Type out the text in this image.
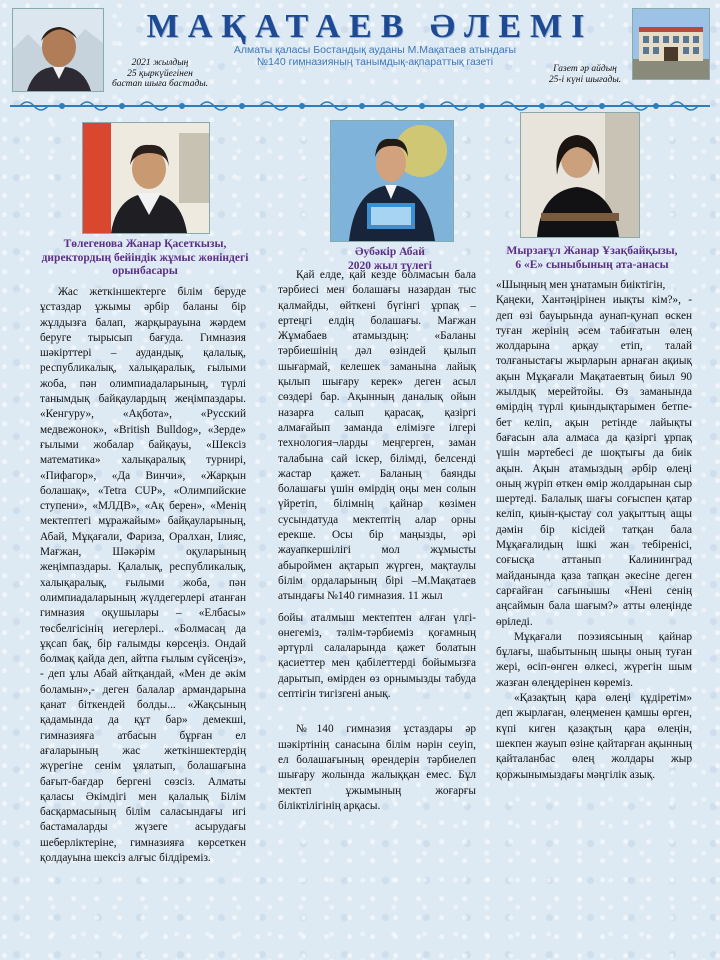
2021 жылдың
25 қыркүйегінен
бастап шыға бастады.
МАҚАТАЕВ ӘЛЕМІ
Алматы қаласы Бостандық ауданы М.Мақатаев атындағы
№140 гимназияның танымдық-ақпараттық газеті
Газет әр айдың
25-і күні шығады.
Төлегенова Жанар Қасеткызы,
директордың бейіндік жұмыс жөніндегі
орынбасары
Әубәкір Абай
2020 жыл түлегі
Мырзағұл Жанар Ұзақбайқызы,
6 «Е» сыныбының ата-анасы

Жас жеткіншектерге білім беруде ұстаздар ұжымы әрбір баланы бір жұлдызға балап, жарқырауына жәрдем беруге тырысып бағуда. Гимназия шәкірттері – аудандық, қалалық, республикалық, халықаралық, ғылыми жоба, пән олимпиадаларының, түрлі танымдық байқаулардың жеңімпаздары. «Кенгуру», «Ақбота», «Русский медвежонок», «British Bulldog», «Зерде» ғылыми жобалар байқауы, «Шексіз математика» халықаралық турнирі, «Пифагор», «Да Винчи», «Жарқын болашақ», «Tetra CUP», «Олимпийские ступени», «МЛДВ», «Ақ берен», «Менің мектептегі мұражайым» байқауларының, Абай, Мұқағали, Фариза, Оралхан, Ілияс, Мағжан, Шәкәрім оқуларының жеңімпаздары. Қалалық, республикалық, халықаралық, ғылыми жоба, пән олимпиадаларының жүлдегерлері атанған гимназия оқушылары – «Елбасы» төсбелгісінің иегерлері.. «Болмасаң да ұқсап бақ, бір ғалымды көрсеңіз. Ондай болмақ қайда деп, айтпа ғылым сүйсеңіз», - деп ұлы Абай айтқандай, «Мен де әкім боламын»,- деген балалар армандарына қанат біткендей болды... «Жақсының қадамында да құт бар» демекші, гимназияға атбасын бұрған ел ағаларының жас жеткіншектердің жүрегіне сенім ұялатып, болашағына бағыт-бағдар бергені сөзсіз. Алматы қаласы Әкімдігі мен қалалық Білім басқармасының білім саласындағы игі бастамаларды жүзеге асырудағы шеберліктеріне, гимназияға көрсеткен қолдауына шексіз алғыс білдіреміз.

Қай елде, қай кезде болмасын бала тәрбиесі мен болашағы назардан тыс қалмайды, өйткені бүгінгі ұрпақ – ертеңгі елдің болашағы. Мағжан Жұмабаев атамыздың: «Баланы тәрбиешінің дәл өзіндей қылып шығармай, келешек заманына лайық қылып шығару керек» деген асыл сөздері бар. Ақынның даналық ойын назарға салып қарасақ, қазіргі алмағайып заманда еліміэге ілгері технология¬ларды меңгерген, заман талабына сай іскер, білімді, белсенді жастар қажет. Баланың баянды болашағы үшін өмірдің оңы мен солын үйретіп, білімнің қайнар көзімен сусындатуда мектептің алар орны ерекше. Осы бір маңызды, әрі жауапкершілігі мол жұмысты абыроймен ақтарып жүрген, мақтаулы білім ордаларының бірі –М.Мақатаев атындағы №140 гимназия. 11 жыл

бойы аталмыш мектептен алған үлгі-өнегеміз, тәлім-тәрбиеміз қоғамның әртүрлі салаларында қажет болатын қасиеттер мен қабілеттерді бойымызға дарытып, өмірден өз орнымызды табуда септігін тигізгені анық.

№140 гимназия ұстаздары әр шәкіртінің санасына білім нәрін сеуіп, ел болашағының өрендерін тәрбиелеп шығару жолында жалыққан емес. Бұл мектеп ұжымының жоғарғы біліктілігінің арқасы.

«Шыңның мен ұнатамын биіктігін,
Қаңеки, Хантәңірінен иықты кім?», - деп өзі бауырында аунап-қунап өскен туған жерінің әсем табиғатын өлең жолдарына арқау етіп, талай толғаныстағы жырларын арнаған ақиық ақын Мұқағали Мақатаевтың биыл 90 жылдық мерейтойы. Өз заманында өмірдің түрлі қиындықтарымен бетпе-бет келіп, ақын ретінде лайықты бағасын ала алмаса да қазіргі ұрпақ үшін мәртебесі де шоқтығы да биік ақын. Ақын атамыздың әрбір өлеңі оның жүріп өткен өмір жолдарынан сыр шертеді. Балалық шағы соғыспен қатар келіп, қиын-қыстау сол уақыттың ащы дәмін бір кісідей татқан бала Мұқағалидың ішкі жан тебіренісі, соғысқа аттанып Калининград майданында қаза тапқан әкесіне деген сарғайған сағынышы «Нені сенің аңсаймын бала шағым?» атты өлеңінде өріледі.

Мұқағали поэзиясының қайнар бұлағы, шабытының шыңы оның туған жері, өсіп-өнген өлкесі, жүрегін шым жазған өлеңдерінен көреміз.

«Қазақтың қара өлеңі құдіретім» деп жырлаған, өлеңменен қамшы өрген, күпі киген қазақтың қара өлеңін, шекпен жауып өзіне қайтарған ақынның қайталанбас өлең жолдары жыр қоржынымыздағы мәңгілік азық.
